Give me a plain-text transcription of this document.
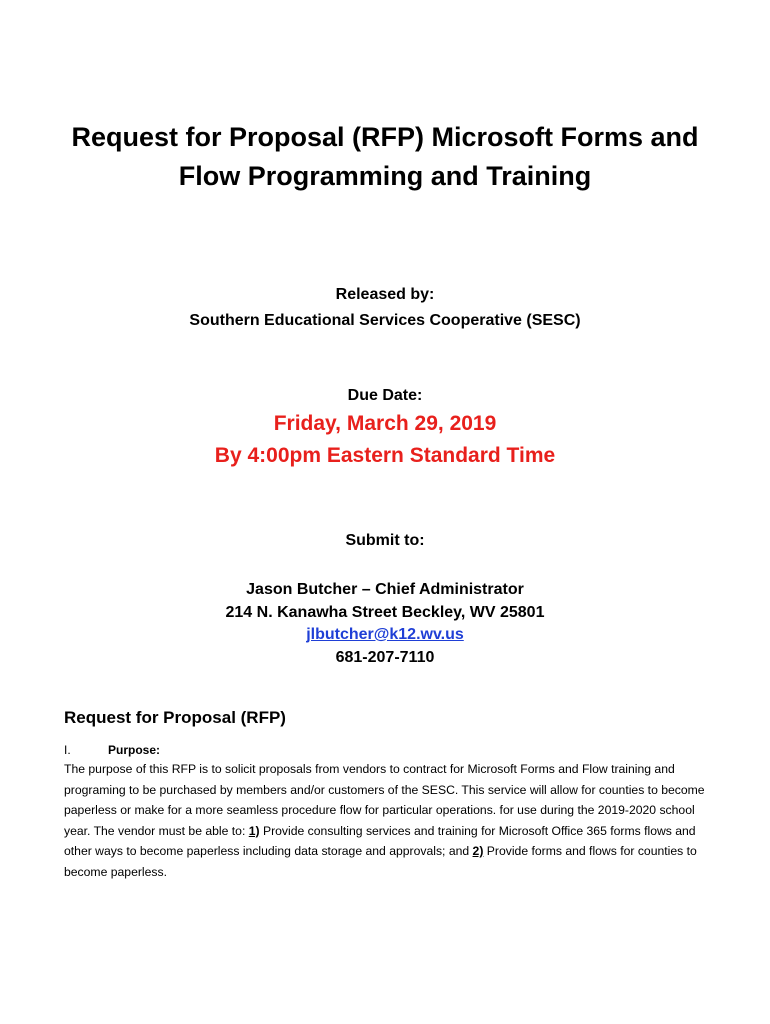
Request for Proposal (RFP) Microsoft Forms and
Flow Programming and Training
Released by:
Southern Educational Services Cooperative (SESC)
Due Date:
Friday, March 29, 2019
By 4:00pm Eastern Standard Time
Submit to:
Jason Butcher – Chief Administrator
214 N. Kanawha Street Beckley, WV 25801
jlbutcher@k12.wv.us
681-207-7110
Request for Proposal (RFP)
I.	Purpose:
The purpose of this RFP is to solicit proposals from vendors to contract for Microsoft Forms and Flow training and programing to be purchased by members and/or customers of the SESC. This service will allow for counties to become paperless or make for a more seamless procedure flow for particular operations. for use during the 2019-2020 school year. The vendor must be able to: 1) Provide consulting services and training for Microsoft Office 365 forms flows and other ways to become paperless including data storage and approvals; and 2) Provide forms and flows for counties to become paperless.
